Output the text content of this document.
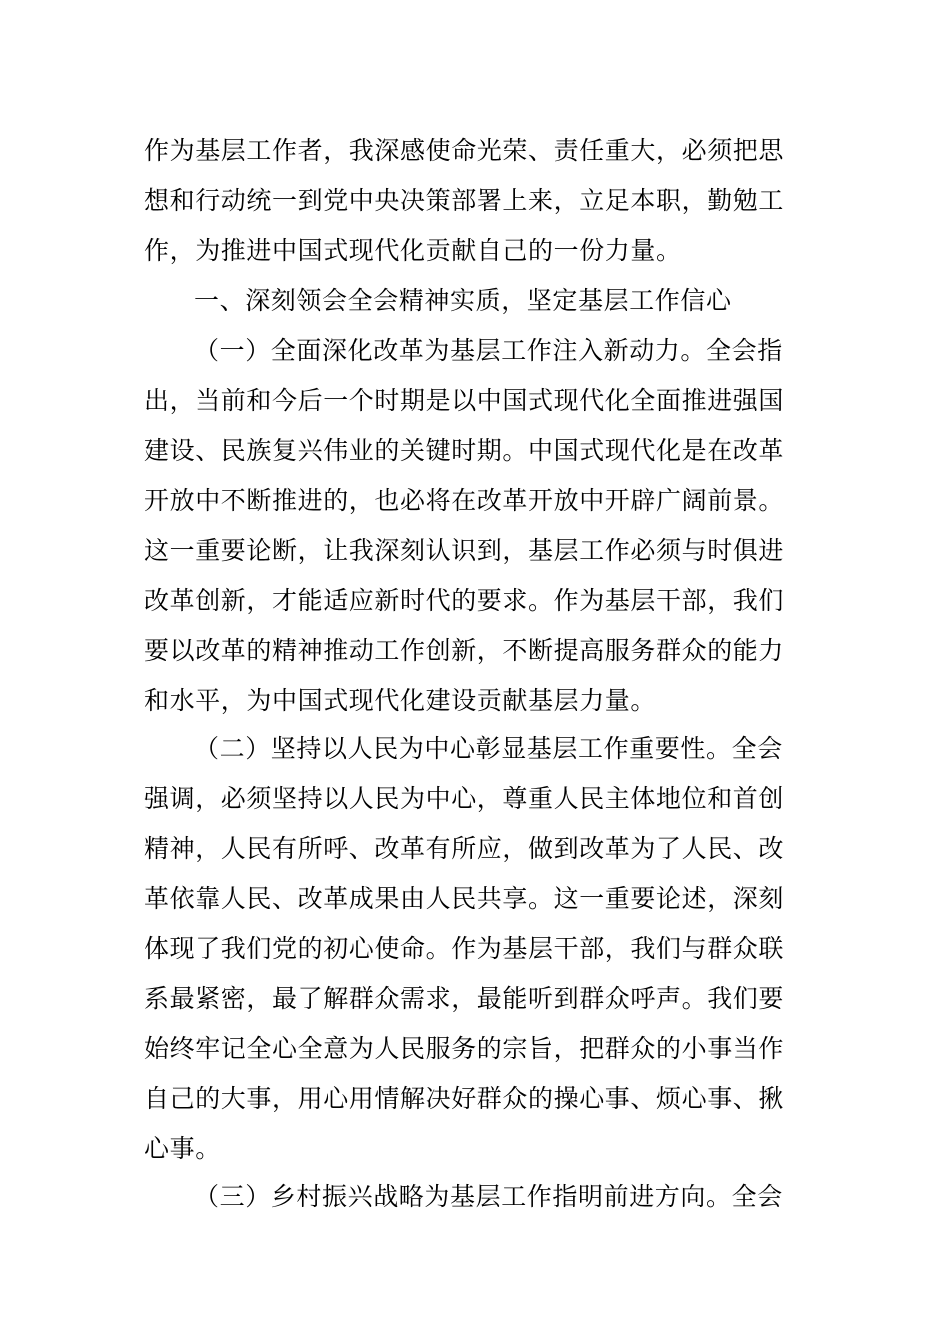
作为基层工作者，我深感使命光荣、责任重大，必须把思
想和行动统一到党中央决策部署上来，立足本职，勤勉工
作，为推进中国式现代化贡献自己的一份力量。
一、深刻领会全会精神实质，坚定基层工作信心
（一）全面深化改革为基层工作注入新动力。全会指
出，当前和今后一个时期是以中国式现代化全面推进强国
建设、民族复兴伟业的关键时期。中国式现代化是在改革
开放中不断推进的，也必将在改革开放中开辟广阔前景。
这一重要论断，让我深刻认识到，基层工作必须与时俱进
改革创新，才能适应新时代的要求。作为基层干部，我们
要以改革的精神推动工作创新，不断提高服务群众的能力
和水平，为中国式现代化建设贡献基层力量。
（二）坚持以人民为中心彰显基层工作重要性。全会
强调，必须坚持以人民为中心，尊重人民主体地位和首创
精神，人民有所呼、改革有所应，做到改革为了人民、改
革依靠人民、改革成果由人民共享。这一重要论述，深刻
体现了我们党的初心使命。作为基层干部，我们与群众联
系最紧密，最了解群众需求，最能听到群众呼声。我们要
始终牢记全心全意为人民服务的宗旨，把群众的小事当作
自己的大事，用心用情解决好群众的操心事、烦心事、揪
心事。
（三）乡村振兴战略为基层工作指明前进方向。全会
